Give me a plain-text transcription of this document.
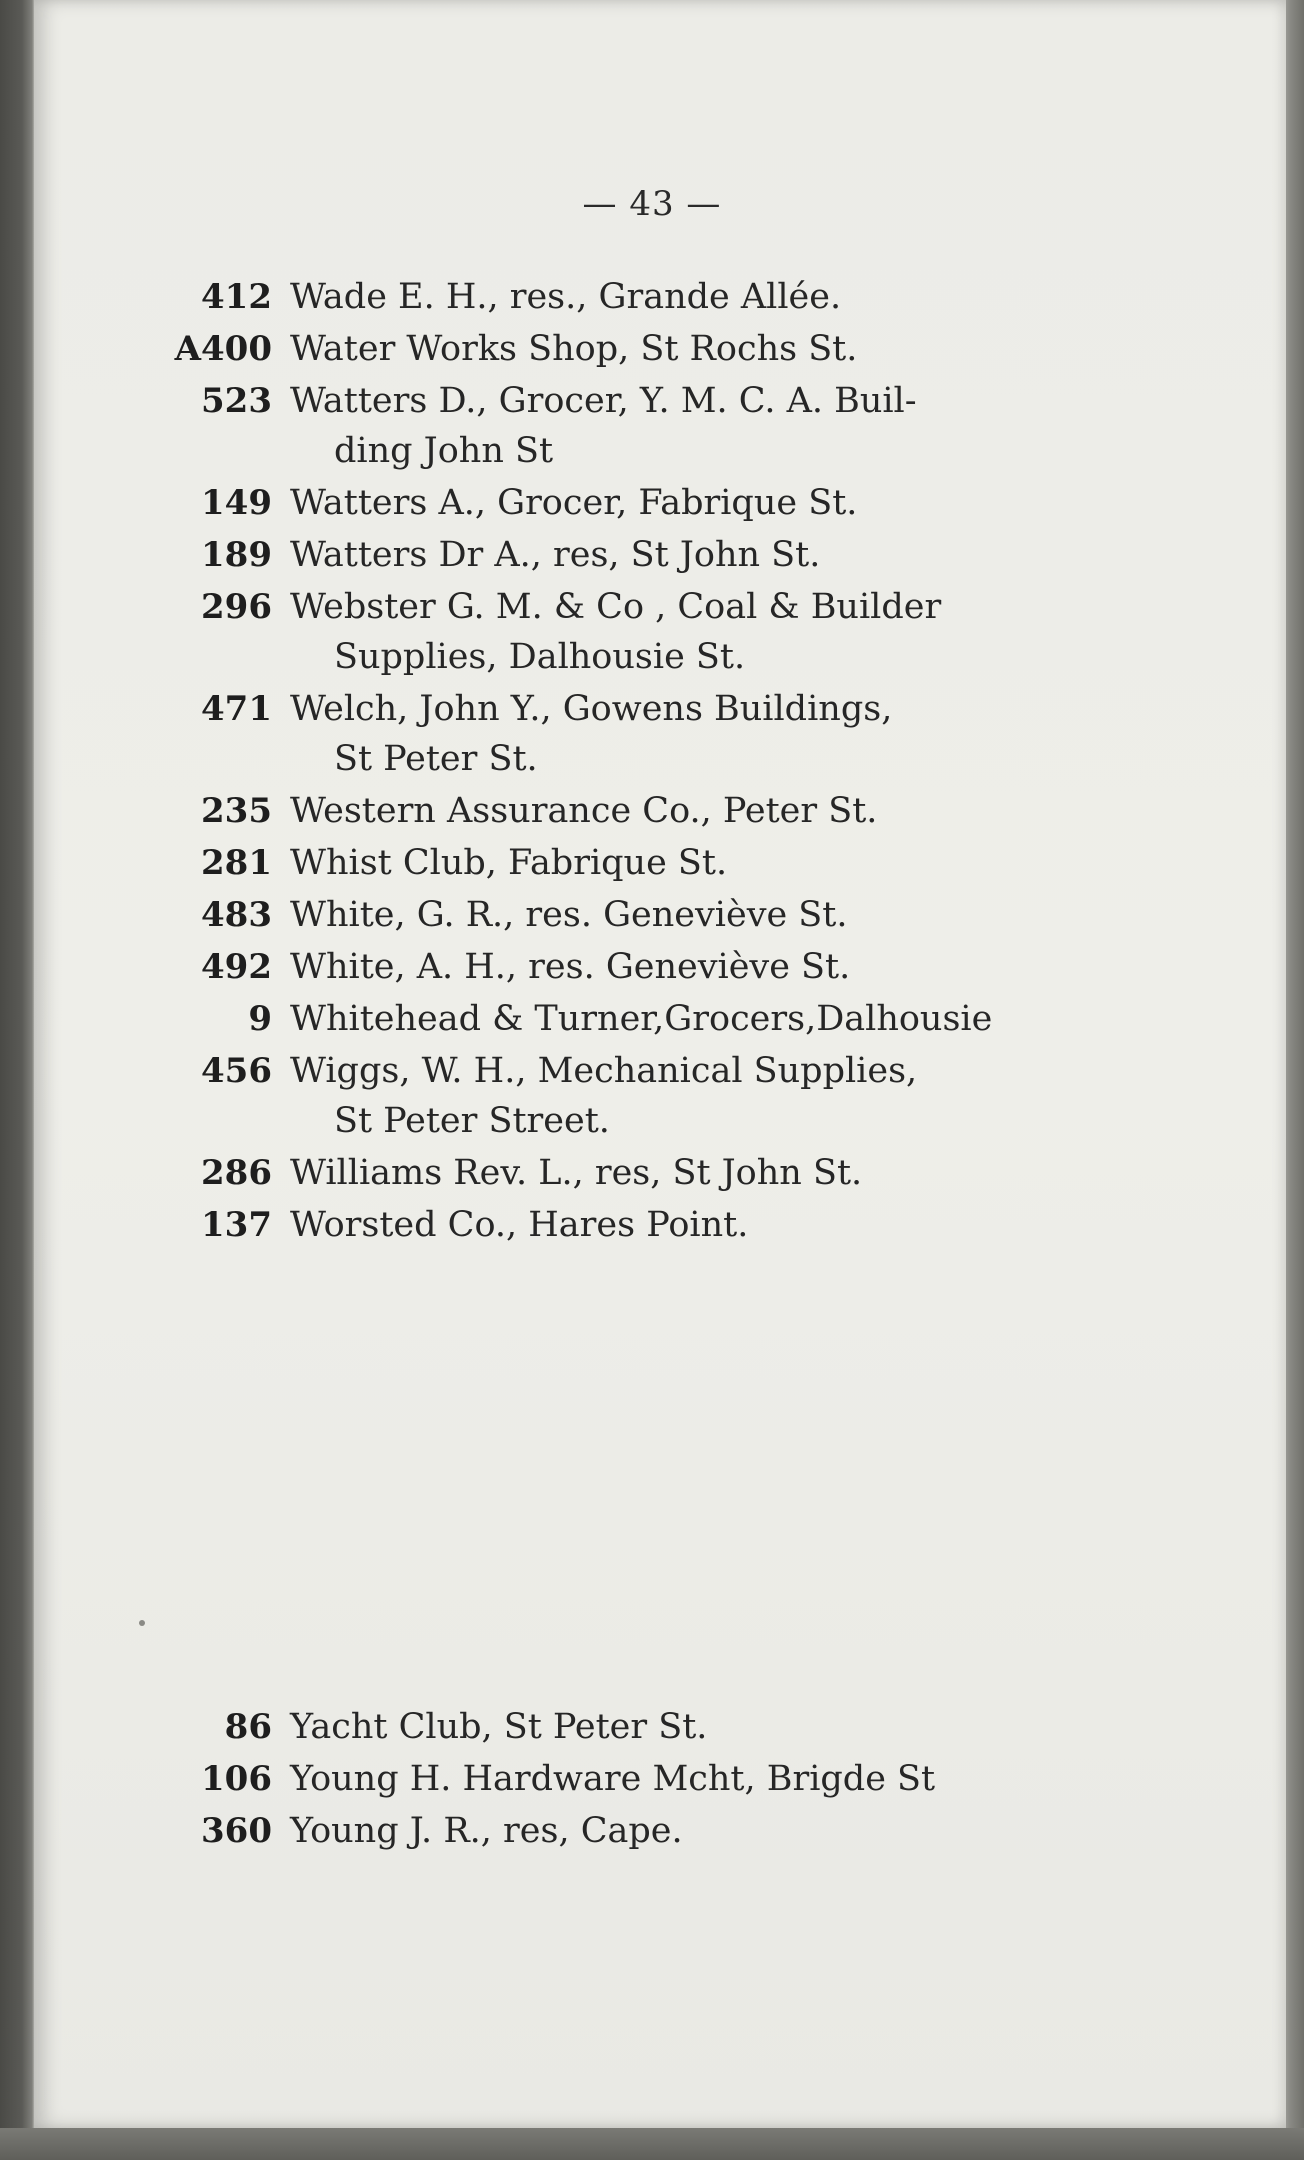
— 43 —
412 Wade E. H., res., Grande Allée.
A400 Water Works Shop, St Rochs St.
523 Watters D., Grocer, Y. M. C. A. Buil-
ding John St
149 Watters A., Grocer, Fabrique St.
189 Watters Dr A., res, St John St.
296 Webster G. M. & Co , Coal & Builder
Supplies, Dalhousie St.
471 Welch, John Y., Gowens Buildings,
St Peter St.
235 Western Assurance Co., Peter St.
281 Whist Club, Fabrique St.
483 White, G. R., res. Geneviève St.
492 White, A. H., res. Geneviève St.
9 Whitehead & Turner,Grocers,Dalhousie
456 Wiggs, W. H., Mechanical Supplies,
St Peter Street.
286 Williams Rev. L., res, St John St.
137 Worsted Co., Hares Point.
86 Yacht Club, St Peter St.
106 Young H. Hardware Mcht, Brigde St
360 Young J. R., res, Cape.
